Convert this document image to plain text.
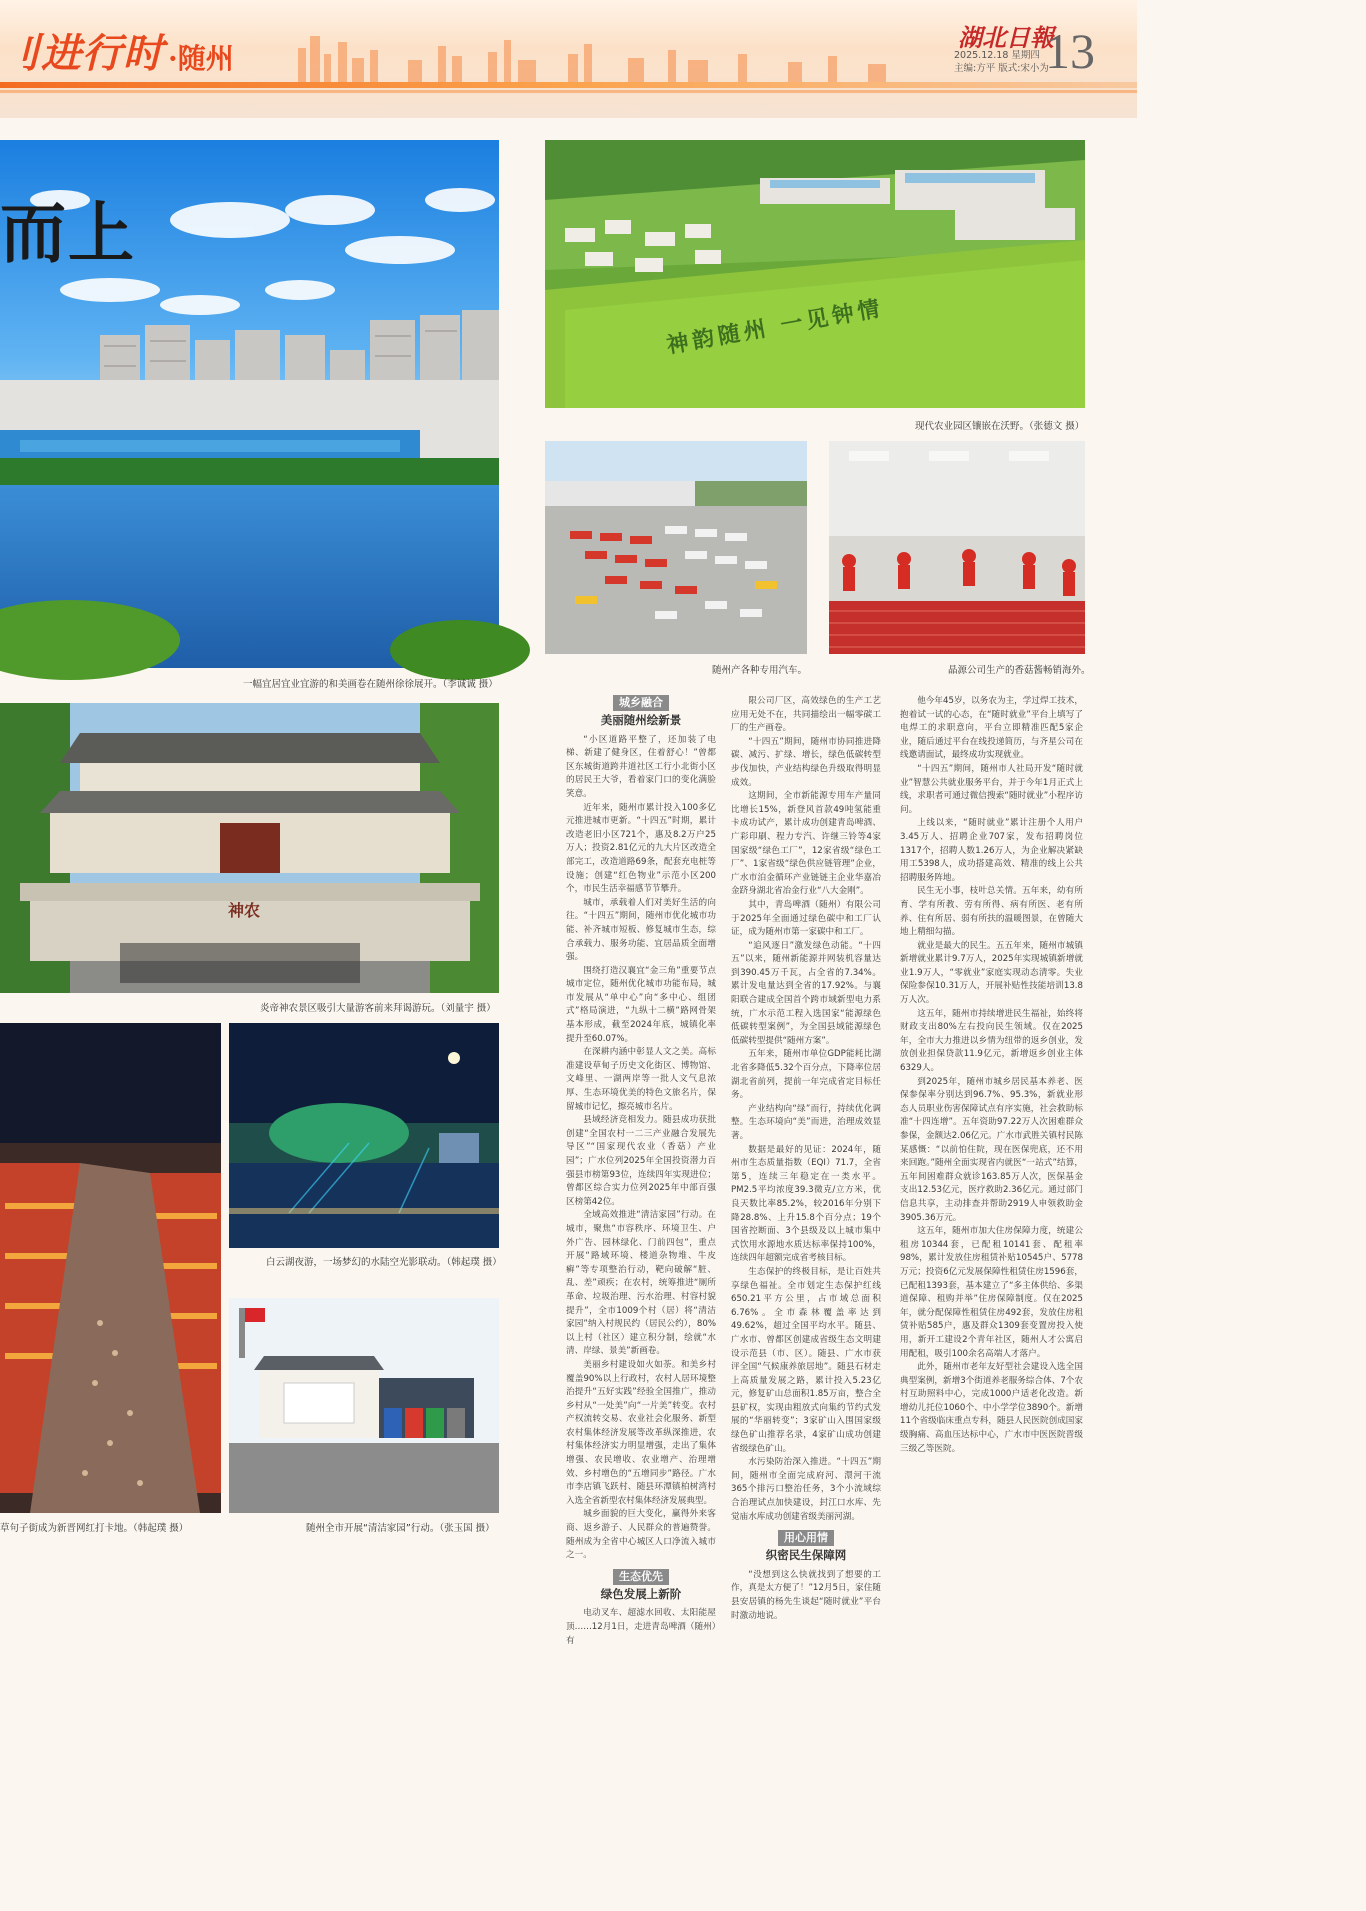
刂进行时 ·随州
湖北日報
2025.12.18 星期四
主编:方平 版式:宋小为
13
而上
一幅宜居宜业宜游的和美画卷在随州徐徐展开。（李诚诚 摄）
神韵随州 一见钟情
现代农业园区镶嵌在沃野。（张德文 摄）
随州产各种专用汽车。	晶源公司生产的香菇酱畅销海外。
神农
炎帝神农景区吸引大量游客前来拜谒游玩。（刘量宇 摄）
草句子街成为新晋网红打卡地。（韩起璞 摄）
白云湖夜游，一场梦幻的水陆空光影联动。（韩起璞 摄）
随州全市开展“清洁家园”行动。（张玉国 摄）
城乡融合
美丽随州绘新景

“小区道路平整了，还加装了电梯、新建了健身区，住着舒心！”曾都区东城街道跨井道社区工行小北街小区的居民王大爷，看着家门口的变化满脸笑意。

近年来，随州市累计投入100多亿元推进城市更新。“十四五”时期，累计改造老旧小区721个，惠及8.2万户25万人；投资2.81亿元的九大片区改造全部完工，改造道路69条，配套充电桩等设施；创建“红色物业”示范小区200个，市民生活幸福感节节攀升。

城市，承载着人们对美好生活的向往。“十四五”期间，随州市优化城市功能、补齐城市短板、修复城市生态，综合承载力、服务功能、宜居品质全面增强。

围绕打造汉襄宜“金三角”重要节点城市定位，随州优化城市功能布局，城市发展从“单中心”向“多中心、组团式”格局演进，“九纵十二横”路网骨架基本形成，截至2024年底，城镇化率提升至60.07%。

在深耕内涵中彰显人文之美。高标准建设草甸子历史文化街区、博物馆、文峰里、一湖两岸等一批人文气息浓厚、生态环境优美的特色文旅名片，保留城市记忆，擦亮城市名片。

县域经济竞相发力。随县成功获批创建“全国农村一二三产业融合发展先导区”“国家现代农业（香菇）产业园”；广水位列2025年全国投资潜力百强县市榜第93位，连续四年实现进位；曾都区综合实力位列2025年中部百强区榜第42位。

全域高效推进“清洁家园”行动。在城市，聚焦“市容秩序、环境卫生、户外广告、园林绿化、门前四包”，重点开展“路域环境、楼道杂物堆、牛皮癣”等专项整治行动，靶向破解“脏、乱、差”顽疾；在农村，统筹推进“厕所革命、垃圾治理、污水治理、村容村貌提升”，全市1009个村（居）将“清洁家园”纳入村规民约（居民公约），80%以上村（社区）建立积分制，绘就“水清、岸绿、景美”新画卷。

美丽乡村建设如火如荼。和美乡村覆盖90%以上行政村，农村人居环境整治提升“五好实践”经验全国推广，推动乡村从“一处美”向“一片美”转变。农村产权流转交易、农业社会化服务、新型农村集体经济发展等改革纵深推进，农村集体经济实力明显增强，走出了集体增强、农民增收、农业增产、治理增效、乡村增色的“五增同步”路径。广水市李店镇飞跃村、随县环潭镇柏树湾村入选全省新型农村集体经济发展典型。

城乡面貌的巨大变化，赢得外来客商、返乡游子、人民群众的普遍赞誉。随州成为全省中心城区人口净流入城市之一。

生态优先
绿色发展上新阶

电动叉车、超滤水回收、太阳能屋顶……12月1日，走进青岛啤酒（随州）有

限公司厂区，高效绿色的生产工艺应用无处不在，共同描绘出一幅零碳工厂的生产画卷。

“十四五”期间，随州市协同推进降碳、减污、扩绿、增长，绿色低碳转型步伐加快，产业结构绿色升级取得明显成效。

这期间，全市新能源专用车产量同比增长15%，新登风首款49吨氢能重卡成功试产，累计成功创建青岛啤酒、广彩印刷、程力专汽、许继三铃等4家国家级“绿色工厂”，12家省级“绿色工厂”、1家省级“绿色供应链管理”企业，广水市泊金循环产业链链主企业华嘉冶金跻身湖北省冶金行业“八大金刚”。

其中，青岛啤酒（随州）有限公司于2025年全面通过绿色碳中和工厂认证，成为随州市第一家碳中和工厂。

“追风逐日”激发绿色动能。“十四五”以来，随州新能源并网装机容量达到390.45万千瓦，占全省的7.34%。累计发电量达到全省的17.92%。与襄阳联合建成全国首个跨市域新型电力系统，广水示范工程入选国家“能源绿色低碳转型案例”，为全国县域能源绿色低碳转型提供“随州方案”。

五年来，随州市单位GDP能耗比湖北省多降低5.32个百分点，下降率位居湖北省前列，提前一年完成省定目标任务。

产业结构向“绿”而行，持续优化调整。生态环境向“美”而进，治理成效显著。

数据是最好的见证：2024年，随州市生态质量指数（EQI）71.7，全省第5，连续三年稳定在一类水平。PM2.5平均浓度39.3微克/立方米，优良天数比率85.2%，较2016年分别下降28.8%、上升15.8个百分点；19个国省控断面、3个县级及以上城市集中式饮用水源地水质达标率保持100%，连续四年超额完成省考核目标。

生态保护的终极目标，是让百姓共享绿色福祉。全市划定生态保护红线650.21平方公里，占市域总面积6.76%。全市森林覆盖率达到49.62%，超过全国平均水平。随县、广水市、曾都区创建成省级生态文明建设示范县（市、区）。随县、广水市获评全国“气候康养旅居地”。随县石材走上高质量发展之路，累计投入5.23亿元，修复矿山总面积1.85万亩，整合全县矿权，实现由粗放式向集约节约式发展的“华丽转变”；3家矿山入围国家级绿色矿山推荐名录，4家矿山成功创建省级绿色矿山。

水污染防治深入推进。“十四五”期间，随州市全面完成府河、澴河干流365个排污口整治任务，3个小流域综合治理试点加快建设，封江口水库、先觉庙水库成功创建省级美丽河湖。

用心用情
织密民生保障网

“没想到这么快就找到了想要的工作，真是太方便了！”12月5日，家住随县安居镇的杨先生谈起“随时就业”平台时激动地说。

他今年45岁，以务农为主，学过焊工技术，抱着试一试的心态，在“随时就业”平台上填写了电焊工的求职意向，平台立即精准匹配5家企业，随后通过平台在线投递简历，与齐星公司在线邀请面试，最终成功实现就业。

“十四五”期间，随州市人社局开发“随时就业”智慧公共就业服务平台，并于今年1月正式上线，求职者可通过微信搜索“随时就业”小程序访问。

上线以来，“随时就业”累计注册个人用户3.45万人、招聘企业707家，发布招聘岗位1317个，招聘人数1.26万人，为企业解决紧缺用工5398人，成功搭建高效、精准的线上公共招聘服务阵地。

民生无小事，枝叶总关情。五年来，幼有所育、学有所教、劳有所得、病有所医、老有所养、住有所居、弱有所扶的温暖图景，在曾随大地上精细勾描。

就业是最大的民生。五五年来，随州市城镇新增就业累计9.7万人，2025年实现城镇新增就业1.9万人，“零就业”家庭实现动态清零。失业保险参保10.31万人，开展补贴性技能培训13.8万人次。

这五年，随州市持续增进民生福祉，始终将财政支出80%左右投向民生领域。仅在2025年，全市大力推进以乡情为纽带的返乡创业，发放创业担保贷款11.9亿元，新增返乡创业主体6329人。

到2025年，随州市城乡居民基本养老、医保参保率分别达到96.7%、95.3%，新就业形态人员职业伤害保障试点有序实施，社会救助标准“十四连增”。五年资助97.22万人次困难群众参保，金额达2.06亿元。广水市武胜关镇村民陈某感慨：“以前怕住院，现在医保兜底，还不用来回跑。”随州全面实现省内就医“一站式”结算，五年间困难群众就诊163.85万人次，医保基金支出12.53亿元，医疗救助2.36亿元。通过部门信息共享，主动排查并帮助2919人申领救助金3905.36万元。

这五年，随州市加大住房保障力度，统建公租房10344套，已配租10141套、配租率98%，累计发放住房租赁补贴10545户、5778万元；投资6亿元发展保障性租赁住房1596套，已配租1393套，基本建立了“多主体供给、多渠道保障、租购并举”住房保障制度。仅在2025年，就分配保障性租赁住房492套，发放住房租赁补贴585户，惠及群众1309套变置房投入使用，新开工建设2个青年社区，随州人才公寓启用配租，吸引100余名高端人才落户。

此外，随州市老年友好型社会建设入选全国典型案例，新增3个街道养老服务综合体、7个农村互助照料中心，完成1000户适老化改造。新增幼儿托位1060个、中小学学位3890个。新增11个省级临床重点专科，随县人民医院创成国家级胸痛、高血压达标中心，广水市中医医院晋级三级乙等医院。
